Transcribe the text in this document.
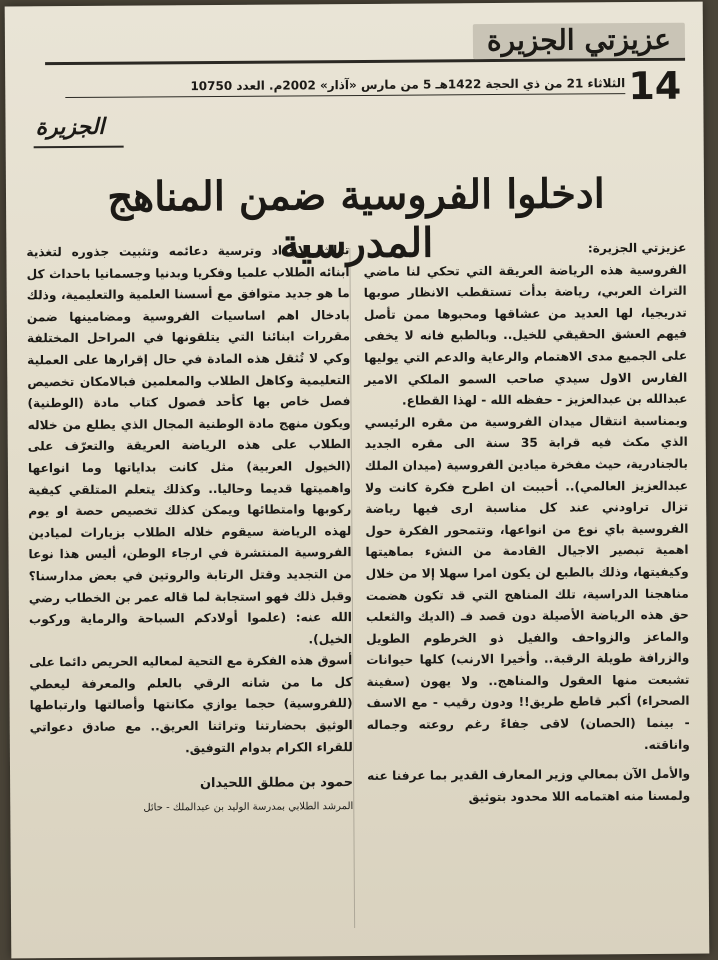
عزيزتي الجزيرة
14
الثلاثاء 21 من ذي الحجة 1422هـ 5 من مارس «آذار» 2002م. العدد 10750
الجزيرة
ادخلوا الفروسية ضمن المناهج المدرسية	عزيزتي الجزيرة:

الفروسية هذه الرياضة العريقة التي تحكي لنا ماضي التراث العربي، رياضة بدأت تستقطب الانظار صوبها تدريجيا، لها العديد من عشاقها ومحبوها ممن تأصل فيهم العشق الحقيقي للخيل.. وبالطبع فانه لا يخفى على الجميع مدى الاهتمام والرعاية والدعم التي يوليها الفارس الاول سيدي صاحب السمو الملكي الامير عبدالله بن عبدالعزيز - حفظه الله - لهذا القطاع.

وبمناسبة انتقال ميدان الفروسية من مقره الرئيسي الذي مكث فيه قرابة 35 سنة الى مقره الجديد بالجنادرية، حيث مفخرة ميادين الفروسية (ميدان الملك عبدالعزيز العالمي).. أحببت ان اطرح فكرة كانت ولا تزال تراودني عند كل مناسبة ارى فيها رياضة الفروسية باي نوع من انواعها، وتتمحور الفكرة حول اهمية تبصير الاجيال القادمة من النشء بماهيتها وكيفيتها، وذلك بالطبع لن يكون امرا سهلا إلا من خلال مناهجنا الدراسية، تلك المناهج التي قد تكون هضمت حق هذه الرياضة الأصيلة دون قصد فـ (الديك والثعلب والماعز والزواحف والفيل ذو الخرطوم الطويل والزرافة طويلة الرقبة.. وأخيرا الارنب) كلها حيوانات تشبعت منها العقول والمناهج.. ولا يهون (سفينة الصحراء) أكبر قاطع طريق!! ودون رقيب - مع الاسف - بينما (الحصان) لاقى جفاءً رغم روعته وجماله واناقته.

والأمل الآن بمعالي وزير المعارف القدير بما عرفنا عنه ولمسنا منه اهتمامه اللا محدود بتوثيق

تراث الاجداد وترسية دعائمه وتثبيت جذوره لتغذية ابنائه الطلاب علميا وفكريا وبدنيا وجسمانيا باحداث كل ما هو جديد متوافق مع أسسنا العلمية والتعليمية، وذلك بادخال اهم اساسيات الفروسية ومضامينها ضمن مقررات ابنائنا التي يتلقونها في المراحل المختلفة وكي لا تُثقل هذه المادة في حال إقرارها على العملية التعليمية وكاهل الطلاب والمعلمين فبالامكان تخصيص فصل خاص بها كأحد فصول كتاب مادة (الوطنية) ويكون منهج مادة الوطنية المجال الذي يطلع من خلاله الطلاب على هذه الرياضة العريقة والتعرّف على (الخيول العربية) مثل كانت بداياتها وما انواعها واهميتها قديما وحاليا.. وكذلك يتعلم المتلقي كيفية ركوبها وامتطائها ويمكن كذلك تخصيص حصة او يوم لهذه الرياضة سيقوم خلاله الطلاب بزيارات لميادين الفروسية المنتشرة في ارجاء الوطن، أليس هذا نوعا من التجديد وقتل الرتابة والروتين في بعض مدارسنا؟ وقبل ذلك فهو استجابة لما قاله عمر بن الخطاب رضي الله عنه: (علموا أولادكم السباحة والرماية وركوب الخيل).

أسوق هذه الفكرة مع التحية لمعاليه الحريص دائما على كل ما من شانه الرقي بالعلم والمعرفة ليعطي (للفروسية) حجما يوازي مكانتها وأصالتها وارتباطها الوثيق بحضارتنا وتراثنا العريق.. مع صادق دعواتي للقراء الكرام بدوام التوفيق.

حمود بن مطلق اللحيدان
المرشد الطلابي بمدرسة الوليد بن عبدالملك - حائل
